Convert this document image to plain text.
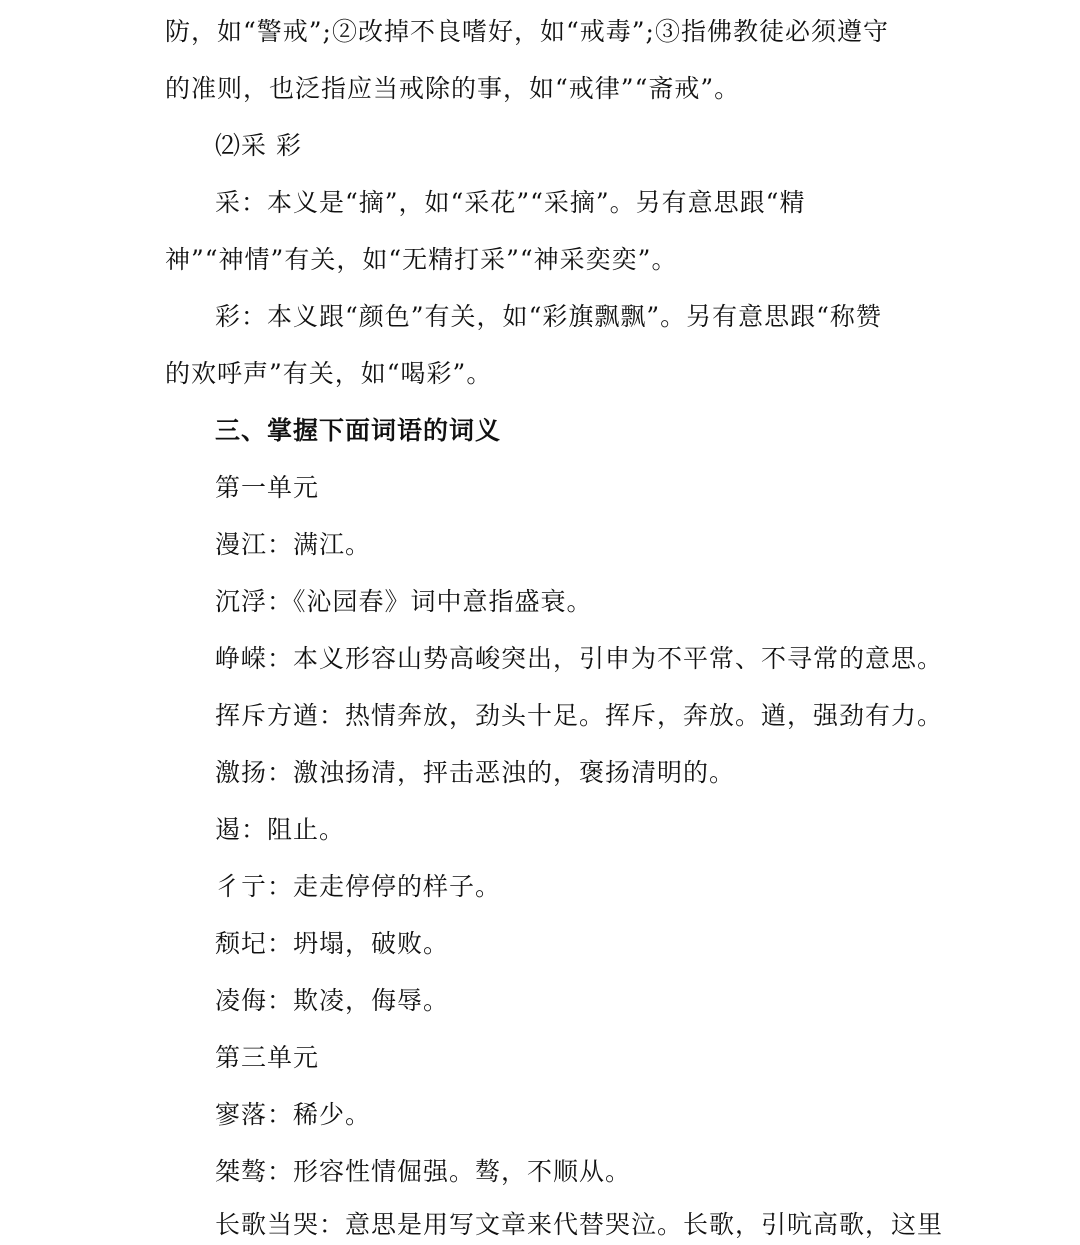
防，如“警戒”;②改掉不良嗜好，如“戒毒”;③指佛教徒必须遵守
的准则，也泛指应当戒除的事，如“戒律”“斋戒”。
⑵采 彩
采：本义是“摘”，如“采花”“采摘”。另有意思跟“精
神”“神情”有关，如“无精打采”“神采奕奕”。
彩：本义跟“颜色”有关，如“彩旗飘飘”。另有意思跟“称赞
的欢呼声”有关，如“喝彩”。
三、掌握下面词语的词义
第一单元
漫江：满江。
沉浮：《沁园春》词中意指盛衰。
峥嵘：本义形容山势高峻突出，引申为不平常、不寻常的意思。
挥斥方遒：热情奔放，劲头十足。挥斥，奔放。遒，强劲有力。
激扬：激浊扬清，抨击恶浊的，褒扬清明的。
遏：阻止。
彳亍：走走停停的样子。
颓圮：坍塌，破败。
凌侮：欺凌，侮辱。
第三单元
寥落：稀少。
桀骜：形容性情倔强。骜，不顺从。
长歌当哭：意思是用写文章来代替哭泣。长歌，引吭高歌，这里
